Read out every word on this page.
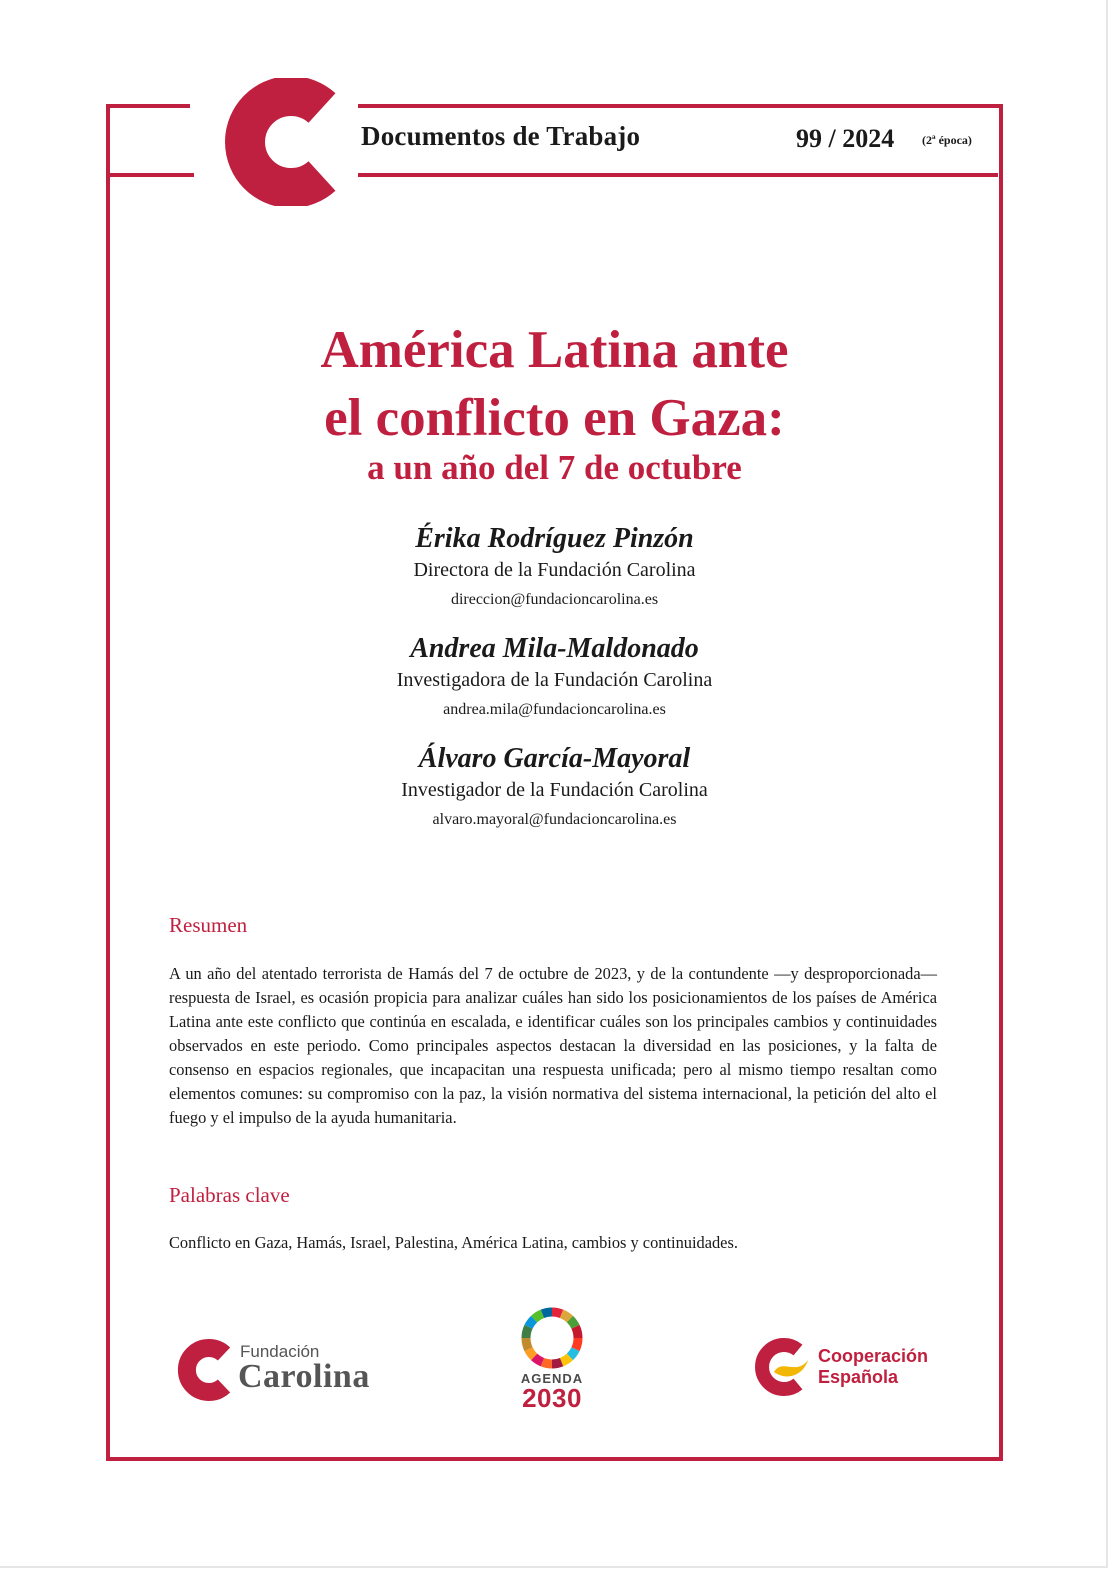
Documentos de Trabajo	99 / 2024 (2ª época)
América Latina ante
el conflicto en Gaza:
a un año del 7 de octubre
Érika Rodríguez Pinzón
Directora de la Fundación Carolina
direccion@fundacioncarolina.es
Andrea Mila-Maldonado
Investigadora de la Fundación Carolina
andrea.mila@fundacioncarolina.es
Álvaro García-Mayoral
Investigador de la Fundación Carolina
alvaro.mayoral@fundacioncarolina.es
Resumen
A un año del atentado terrorista de Hamás del 7 de octubre de 2023, y de la contundente —y desproporcionada— respuesta de Israel, es ocasión propicia para analizar cuáles han sido los posicionamientos de los países de América Latina ante este conflicto que continúa en escalada, e identificar cuáles son los principales cambios y continuidades observados en este periodo. Como principales aspectos destacan la diversidad en las posiciones, y la falta de consenso en espacios regionales, que incapacitan una respuesta unificada; pero al mismo tiempo resaltan como elementos comunes: su compromiso con la paz, la visión normativa del sistema internacional, la petición del alto el fuego y el impulso de la ayuda humanitaria.
Palabras clave
Conflicto en Gaza, Hamás, Israel, Palestina, América Latina, cambios y continuidades.
Fundación
Carolina	AGENDA
2030
Cooperación
Española
